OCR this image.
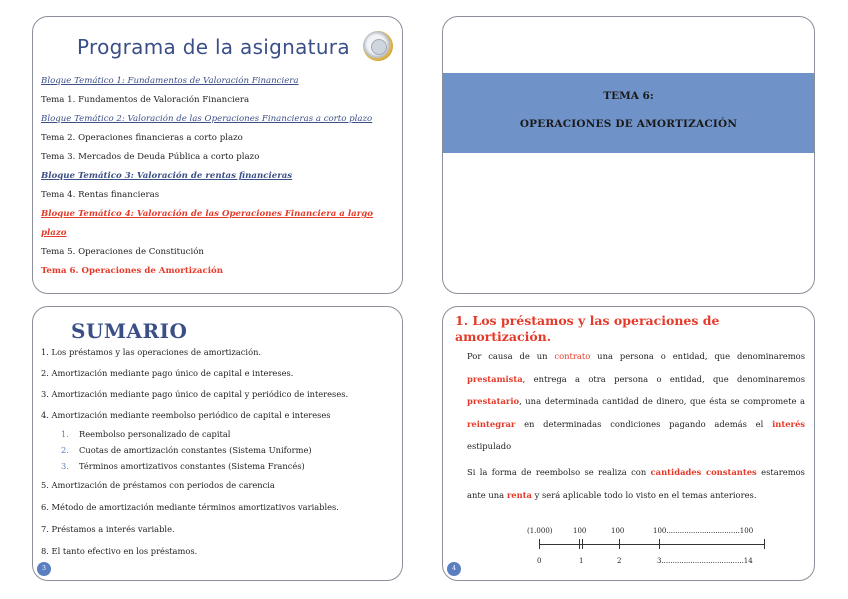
Programa de la asignatura
Bloque Temático 1: Fundamentos de Valoración Financiera
Tema 1. Fundamentos de Valoración Financiera
Bloque Temático 2: Valoración de las Operaciones Financieras a corto plazo
Tema 2. Operaciones financieras a corto plazo
Tema 3. Mercados de Deuda Pública a corto plazo
Bloque Temático 3: Valoración de rentas financieras
Tema 4. Rentas financieras
Bloque Temático 4: Valoración de las Operaciones Financiera a largo
plazo
Tema 5. Operaciones de Constitución
Tema 6. Operaciones de Amortización
TEMA 6:
OPERACIONES DE AMORTIZACIÓN
SUMARIO
1. Los préstamos y las operaciones de amortización.
2. Amortización mediante pago único de capital e intereses.
3. Amortización mediante pago único de capital y periódico de intereses.
4. Amortización mediante reembolso periódico de capital e intereses
1. Reembolso personalizado de capital
2. Cuotas de amortización constantes (Sistema Uniforme)
3. Términos amortizativos constantes (Sistema Francés)
5. Amortización de préstamos con periodos de carencia
6. Método de amortización mediante términos amortizativos variables.
7. Préstamos a interés variable.
8. El tanto efectivo en los préstamos.
3
1. Los préstamos y las operaciones de amortización.
Por causa de un contrato una persona o entidad, que denominaremos prestamista, entrega a otra persona o entidad, que denominaremos prestatario, una determinada cantidad de dinero, que ésta se compromete a reintegrar en determinadas condiciones pagando además el interés estipulado
Si la forma de reembolso se realiza con cantidades constantes estaremos ante una renta y será aplicable todo lo visto en el temas anteriores.
(1.000)	100	100	100.................................100
0	1	2	3.....................................14
4
